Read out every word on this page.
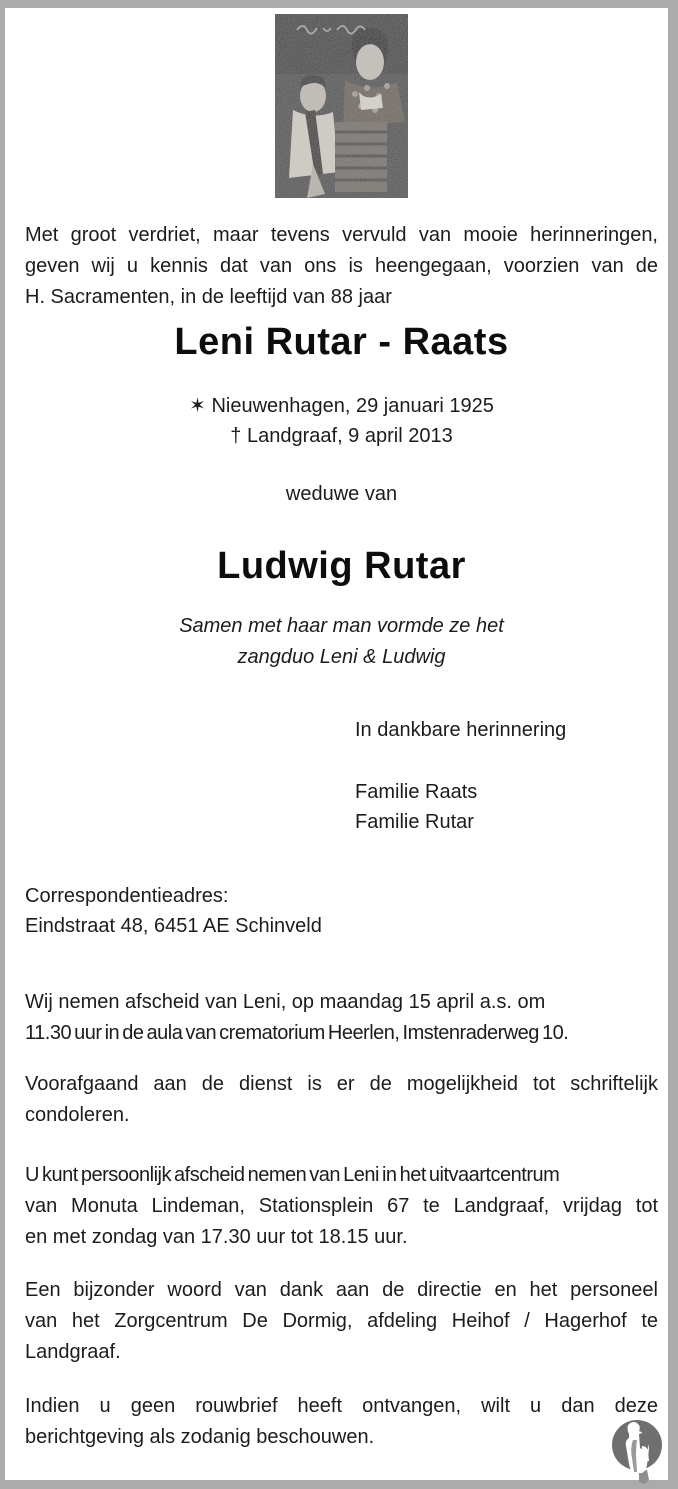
Met groot verdriet, maar tevens vervuld van mooie herinneringen,
geven wij u kennis dat van ons is heengegaan, voorzien van de
H. Sacramenten, in de leeftijd van 88 jaar
Leni Rutar - Raats
✶ Nieuwenhagen, 29 januari 1925
† Landgraaf, 9 april 2013
weduwe van
Ludwig Rutar
Samen met haar man vormde ze het
zangduo Leni & Ludwig
In dankbare herinnering
Familie Raats
Familie Rutar
Correspondentieadres:
Eindstraat 48, 6451 AE Schinveld
Wij nemen afscheid van Leni, op maandag 15 april a.s. om
11.30 uur in de aula van crematorium Heerlen, Imstenraderweg 10.
Voorafgaand aan de dienst is er de mogelijkheid tot schriftelijk
condoleren.
U kunt persoonlijk afscheid nemen van Leni in het uitvaartcentrum
van Monuta Lindeman, Stationsplein 67 te Landgraaf, vrijdag tot
en met zondag van 17.30 uur tot 18.15 uur.
Een bijzonder woord van dank aan de directie en het personeel
van het Zorgcentrum De Dormig, afdeling Heihof / Hagerhof te
Landgraaf.
Indien u geen rouwbrief heeft ontvangen, wilt u dan deze
berichtgeving als zodanig beschouwen.
